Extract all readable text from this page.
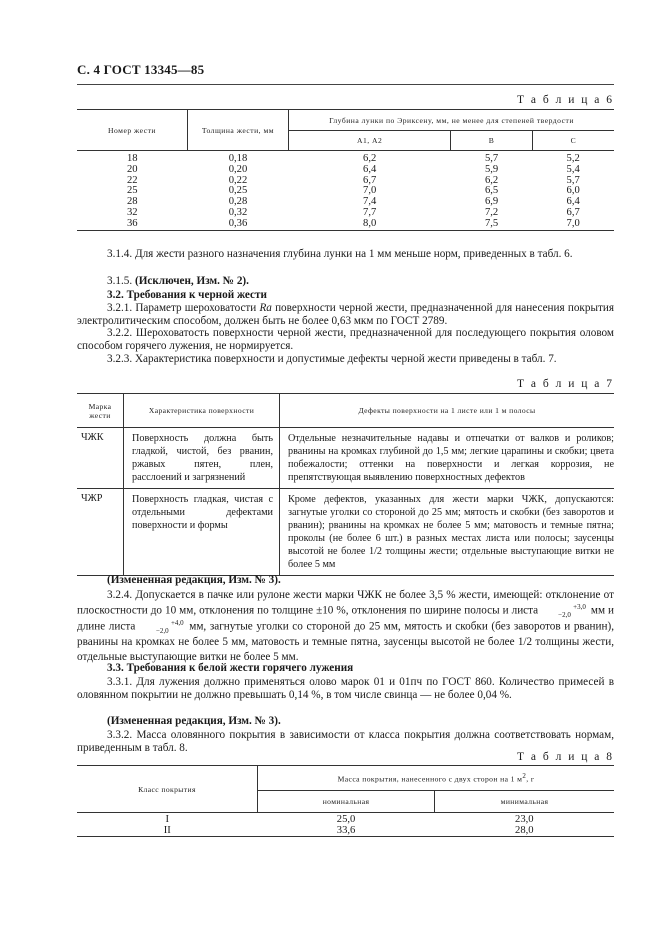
С. 4 ГОСТ 13345—85
Т а б л и ц а 6
Номер жести	Толщина жести, мм	Глубина лунки по Эриксену, мм, не менее для степеней твердости		
		А1, А2	В	С
18	0,18	6,2	5,7	5,2
20	0,20	6,4	5,9	5,4
22	0,22	6,7	6,2	5,7
25	0,25	7,0	6,5	6,0
28	0,28	7,4	6,9	6,4
32	0,32	7,7	7,2	6,7
36	0,36	8,0	7,5	7,0
3.1.4. Для жести разного назначения глубина лунки на 1 мм меньше норм, приведенных в табл. 6.
3.1.5. (Исключен, Изм. № 2).
3.2. Требования к черной жести
3.2.1. Параметр шероховатости Ra поверхности черной жести, предназначенной для нанесения покрытия электролитическим способом, должен быть не более 0,63 мкм по ГОСТ 2789.
3.2.2. Шероховатость поверхности черной жести, предназначенной для последующего покрытия оловом способом горячего лужения, не нормируется.
3.2.3. Характеристика поверхности и допустимые дефекты черной жести приведены в табл. 7.
Т а б л и ц а 7
Марка жести	Характеристика поверхности	Дефекты поверхности на 1 листе или 1 м полосы
ЧЖК	Поверхность должна быть гладкой, чистой, без рванин, ржавых пятен, плен, расслоений и загрязнений	Отдельные незначительные надавы и отпечатки от валков и роликов; рванины на кромках глубиной до 1,5 мм; легкие царапины и скобки; цвета побежалости; оттенки на поверхности и легкая коррозия, не препятствующая выявлению поверхностных дефектов
ЧЖР	Поверхность гладкая, чистая с отдельными дефектами поверхности и формы	Кроме дефектов, указанных для жести марки ЧЖК, допускаются: загнутые уголки со стороной до 25 мм; мятость и скобки (без заворотов и рванин); рванины на кромках не более 5 мм; матовость и темные пятна; проколы (не более 6 шт.) в разных местах листа или полосы; заусенцы высотой не более 1/2 толщины жести; отдельные выступающие витки не более 5 мм
(Измененная редакция, Изм. № 3).
3.2.4. Допускается в пачке или рулоне жести марки ЧЖК не более 3,5 % жести, имеющей: отклонение от плоскостности до 10 мм, отклонения по толщине ±10 %, отклонения по ширине полосы и листа	+3,0
−2,0 мм и длине листа	+4,0
−2,0 мм, загнутые уголки со стороной до 25 мм, мятость и скобки (без заворотов и рванин), рванины на кромках не более 5 мм, матовость и темные пятна, заусенцы высотой не более 1/2 толщины жести, отдельные выступающие витки не более 5 мм.
3.3. Требования к белой жести горячего лужения
3.3.1. Для лужения должно применяться олово марок 01 и 01пч по ГОСТ 860. Количество примесей в оловянном покрытии не должно превышать 0,14 %, в том числе свинца — не более 0,04 %.
(Измененная редакция, Изм. № 3).
3.3.2. Масса оловянного покрытия в зависимости от класса покрытия должна соответствовать нормам, приведенным в табл. 8.
Т а б л и ц а 8
Класс покрытия	Масса покрытия, нанесенного с двух сторон на 1 $м^2$, г	
	номинальная	минимальная
I	25,0	23,0
II	33,6	28,0
